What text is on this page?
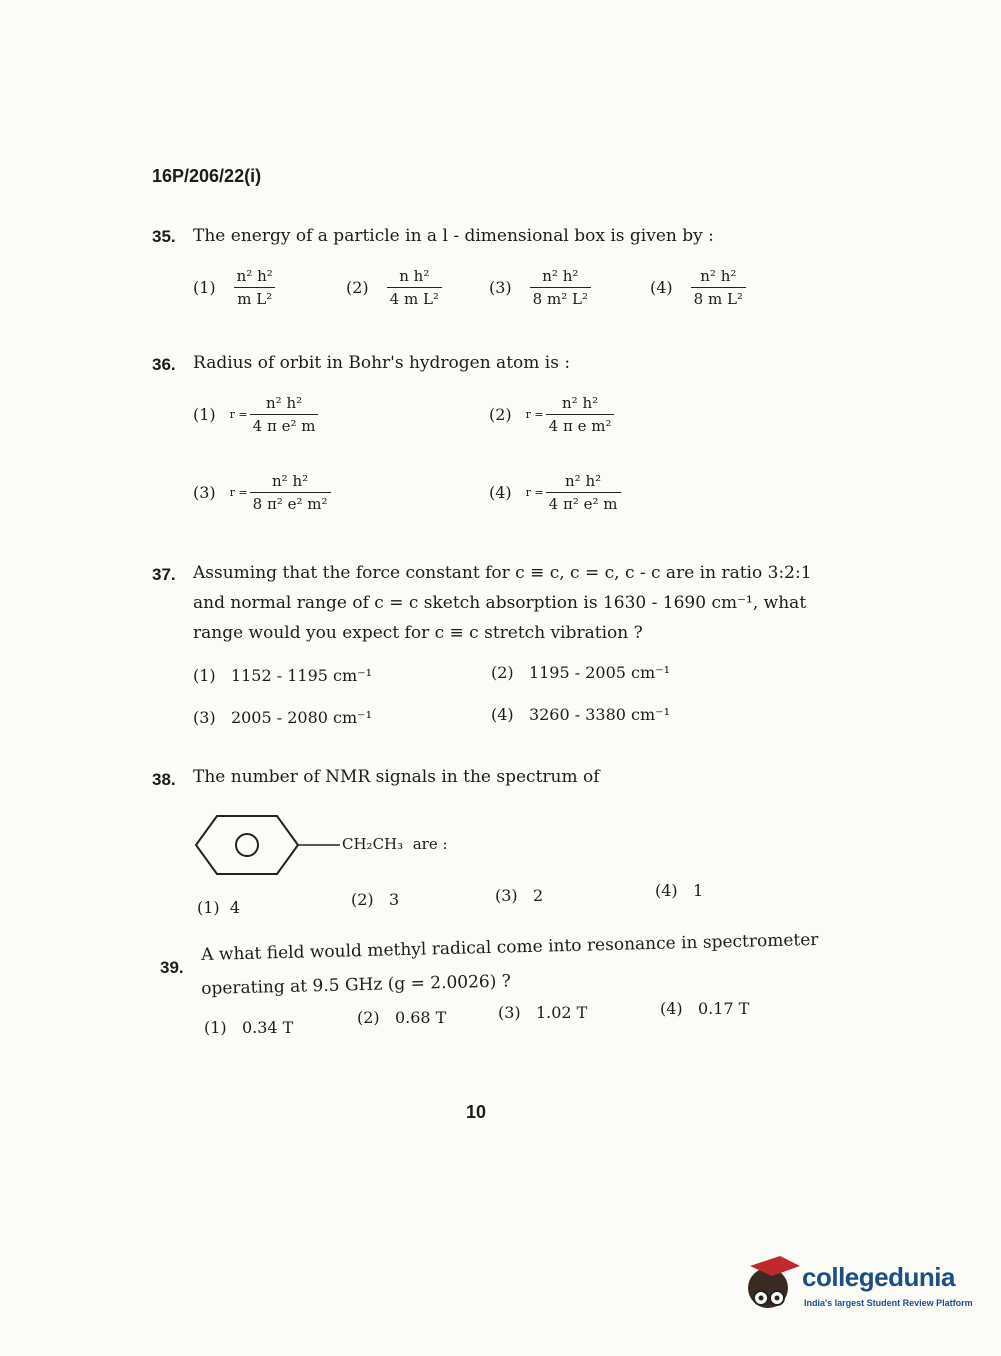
16P/206/22(i)
35. The energy of a particle in a l - dimensional box is given by :
$(1) \frac{\text{n² h²}}{\text{m L²}}$	$(2) \frac{\text{n h²}}{\text{4 m L²}}$	$(3) \frac{\text{n² h²}}{\text{8 m² L²}}$	$(4) \frac{\text{n² h²}}{\text{8 m L²}}$
36. Radius of orbit in Bohr's hydrogen atom is :
(1) $r = \frac{\text{n² h²}}{\text{4 π e² m}}$	(2) $r = \frac{\text{n² h²}}{\text{4 π e m²}}$
(3) $r = \frac{\text{n² h²}}{\text{8 π² e² m²}}$	(4) $r = \frac{\text{n² h²}}{\text{4 π² e² m}}$
37. Assuming that the force constant for c ≡ c, c = c, c - c are in ratio 3:2:1
and normal range of c = c sketch absorption is 1630 - 1690 cm⁻¹, what
range would you expect for c ≡ c stretch vibration ?
(1) 1152 - 1195 cm⁻¹	(2) 1195 - 2005 cm⁻¹
(3) 2005 - 2080 cm⁻¹	(4) 3260 - 3380 cm⁻¹
38. The number of NMR signals in the spectrum of
CH₂CH₃ are :
(1) 4	(2) 3	(3) 2	(4) 1
39.
A what field would methyl radical come into resonance in spectrometer
operating at 9.5 GHz (g = 2.0026) ?
(1) 0.34 T
(2) 0.68 T	(3) 1.02 T	(4) 0.17 T
10
collegedunia
India's largest Student Review Platform
